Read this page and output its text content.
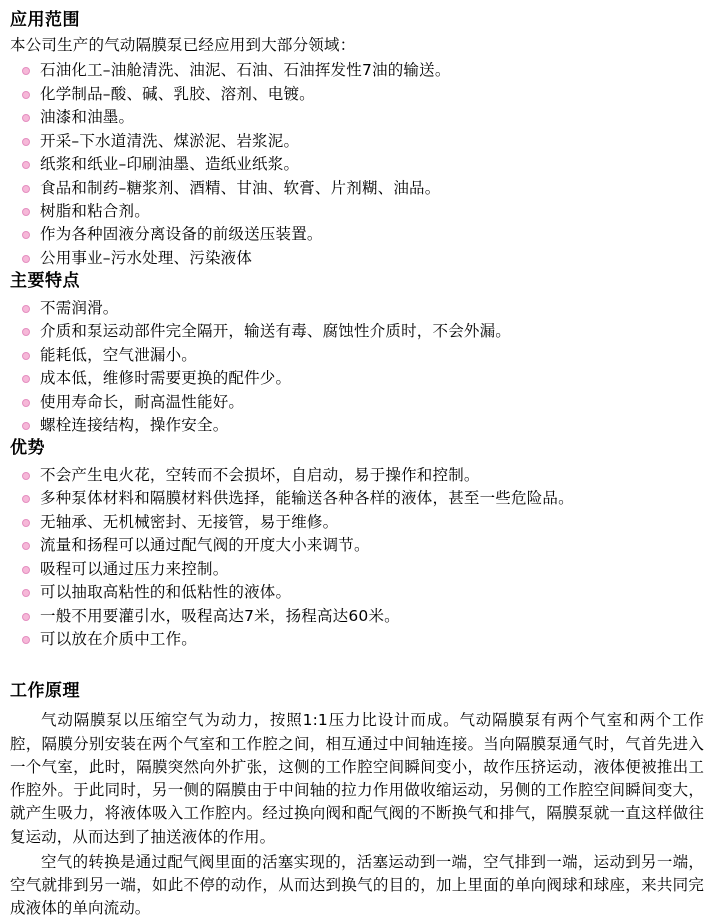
应用范围

本公司生产的气动隔膜泵已经应用到大部分领域：

石油化工–油舱清洗、油泥、石油、石油挥发性7油的输送。
化学制品–酸、碱、乳胶、溶剂、电镀。
油漆和油墨。
开采–下水道清洗、煤淤泥、岩浆泥。
纸浆和纸业–印刷油墨、造纸业纸浆。
食品和制药–糖浆剂、酒精、甘油、软膏、片剂糊、油品。
树脂和粘合剂。
作为各种固液分离设备的前级送压装置。
公用事业–污水处理、污染液体
主要特点
不需润滑。
介质和泵运动部件完全隔开，输送有毒、腐蚀性介质时，不会外漏。
能耗低，空气泄漏小。
成本低，维修时需要更换的配件少。
使用寿命长，耐高温性能好。
螺栓连接结构，操作安全。
优势
不会产生电火花，空转而不会损坏，自启动，易于操作和控制。
多种泵体材料和隔膜材料供选择，能输送各种各样的液体，甚至一些危险品。
无轴承、无机械密封、无接管，易于维修。
流量和扬程可以通过配气阀的开度大小来调节。
吸程可以通过压力来控制。
可以抽取高粘性的和低粘性的液体。
一般不用要灌引水，吸程高达7米，扬程高达60米。
可以放在介质中工作。
工作原理

气动隔膜泵以压缩空气为动力，按照1:1压力比设计而成。气动隔膜泵有两个气室和两个工作腔，隔膜分别安装在两个气室和工作腔之间，相互通过中间轴连接。当向隔膜泵通气时，气首先进入一个气室，此时，隔膜突然向外扩张，这侧的工作腔空间瞬间变小，故作压挤运动，液体便被推出工作腔外。于此同时，另一侧的隔膜由于中间轴的拉力作用做收缩运动，另侧的工作腔空间瞬间变大，就产生吸力，将液体吸入工作腔内。经过换向阀和配气阀的不断换气和排气，隔膜泵就一直这样做往复运动，从而达到了抽送液体的作用。

空气的转换是通过配气阀里面的活塞实现的，活塞运动到一端，空气排到一端，运动到另一端，空气就排到另一端，如此不停的动作，从而达到换气的目的，加上里面的单向阀球和球座，来共同完成液体的单向流动。
